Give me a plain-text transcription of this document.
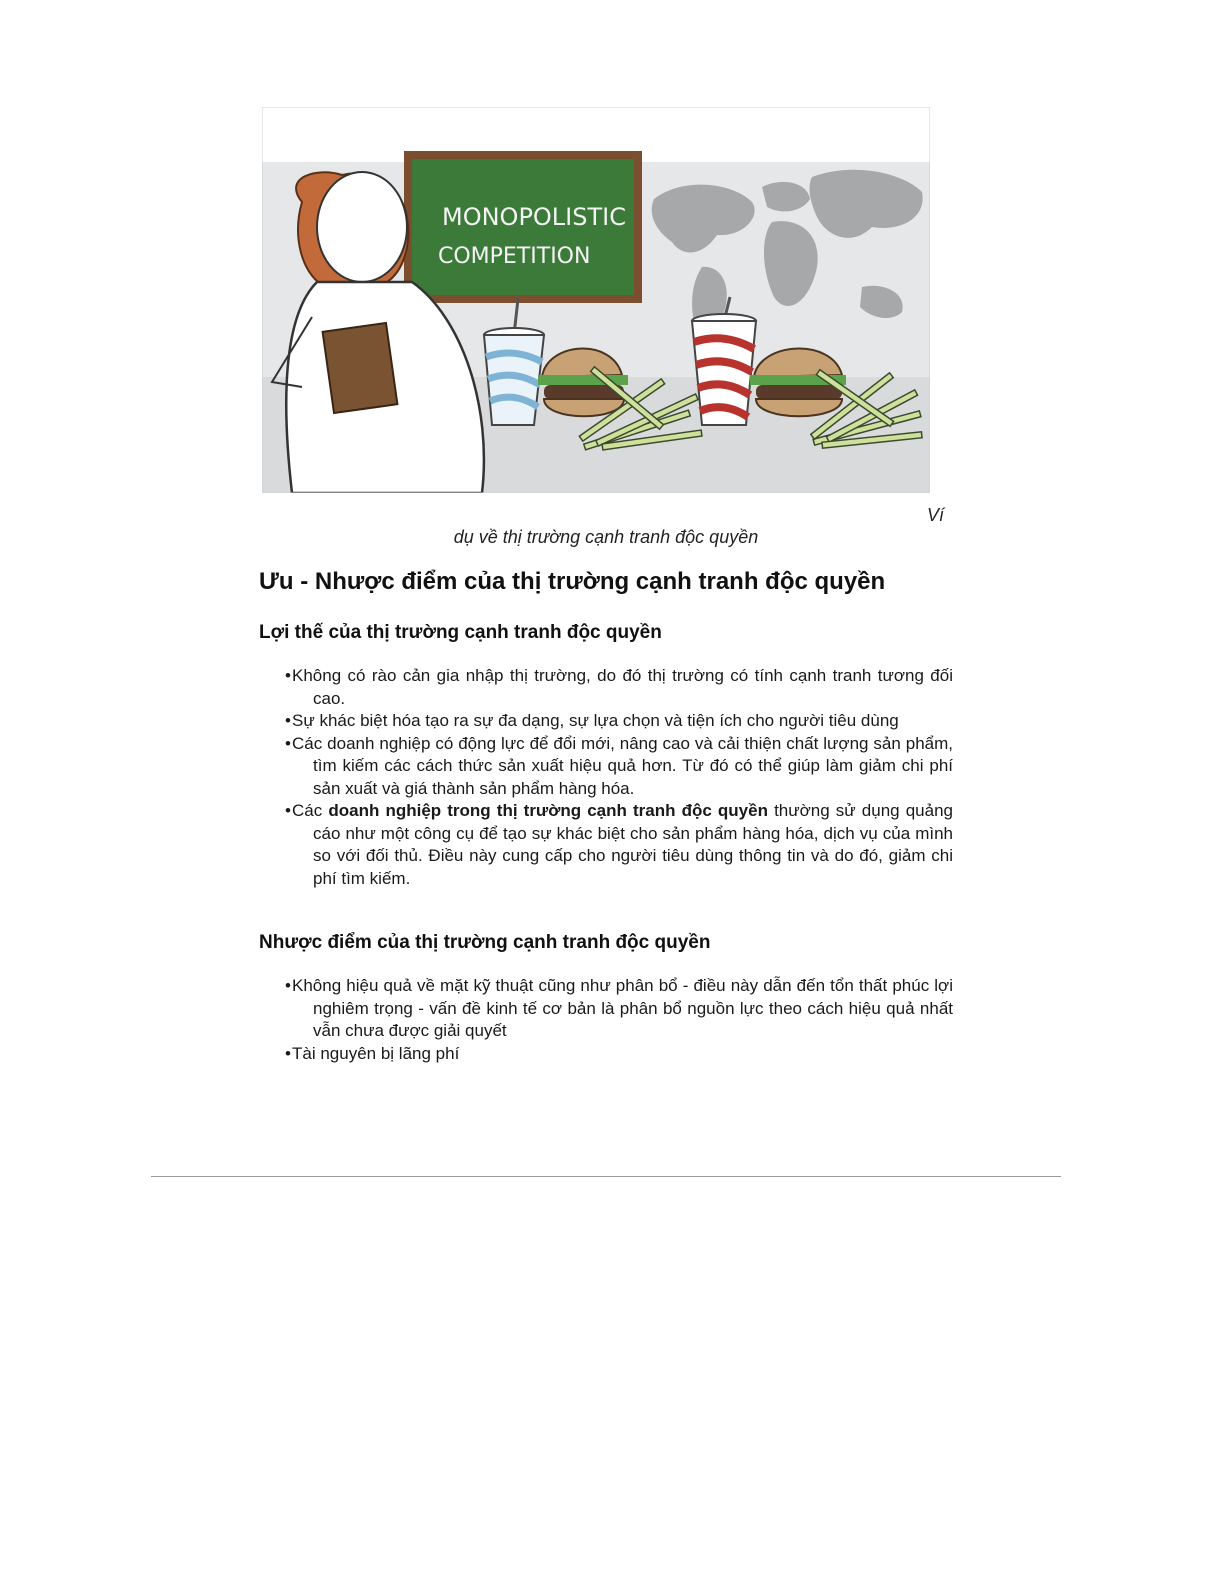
MONOPOLISTIC
COMPETITION
Ví
dụ về thị trường cạnh tranh độc quyền
Ưu - Nhược điểm của thị trường cạnh tranh độc quyền
Lợi thế của thị trường cạnh tranh độc quyền
•Không có rào cản gia nhập thị trường, do đó thị trường có tính cạnh tranh tương đối cao.
•Sự khác biệt hóa tạo ra sự đa dạng, sự lựa chọn và tiện ích cho người tiêu dùng
•Các doanh nghiệp có động lực để đổi mới, nâng cao và cải thiện chất lượng sản phẩm, tìm kiếm các cách thức sản xuất hiệu quả hơn. Từ đó có thể giúp làm giảm chi phí sản xuất và giá thành sản phẩm hàng hóa.
•Các doanh nghiệp trong thị trường cạnh tranh độc quyền thường sử dụng quảng cáo như một công cụ để tạo sự khác biệt cho sản phẩm hàng hóa, dịch vụ của mình so với đối thủ. Điều này cung cấp cho người tiêu dùng thông tin và do đó, giảm chi phí tìm kiếm.
Nhược điểm của thị trường cạnh tranh độc quyền
•Không hiệu quả về mặt kỹ thuật cũng như phân bổ - điều này dẫn đến tổn thất phúc lợi nghiêm trọng - vấn đề kinh tế cơ bản là phân bổ nguồn lực theo cách hiệu quả nhất vẫn chưa được giải quyết
•Tài nguyên bị lãng phí
